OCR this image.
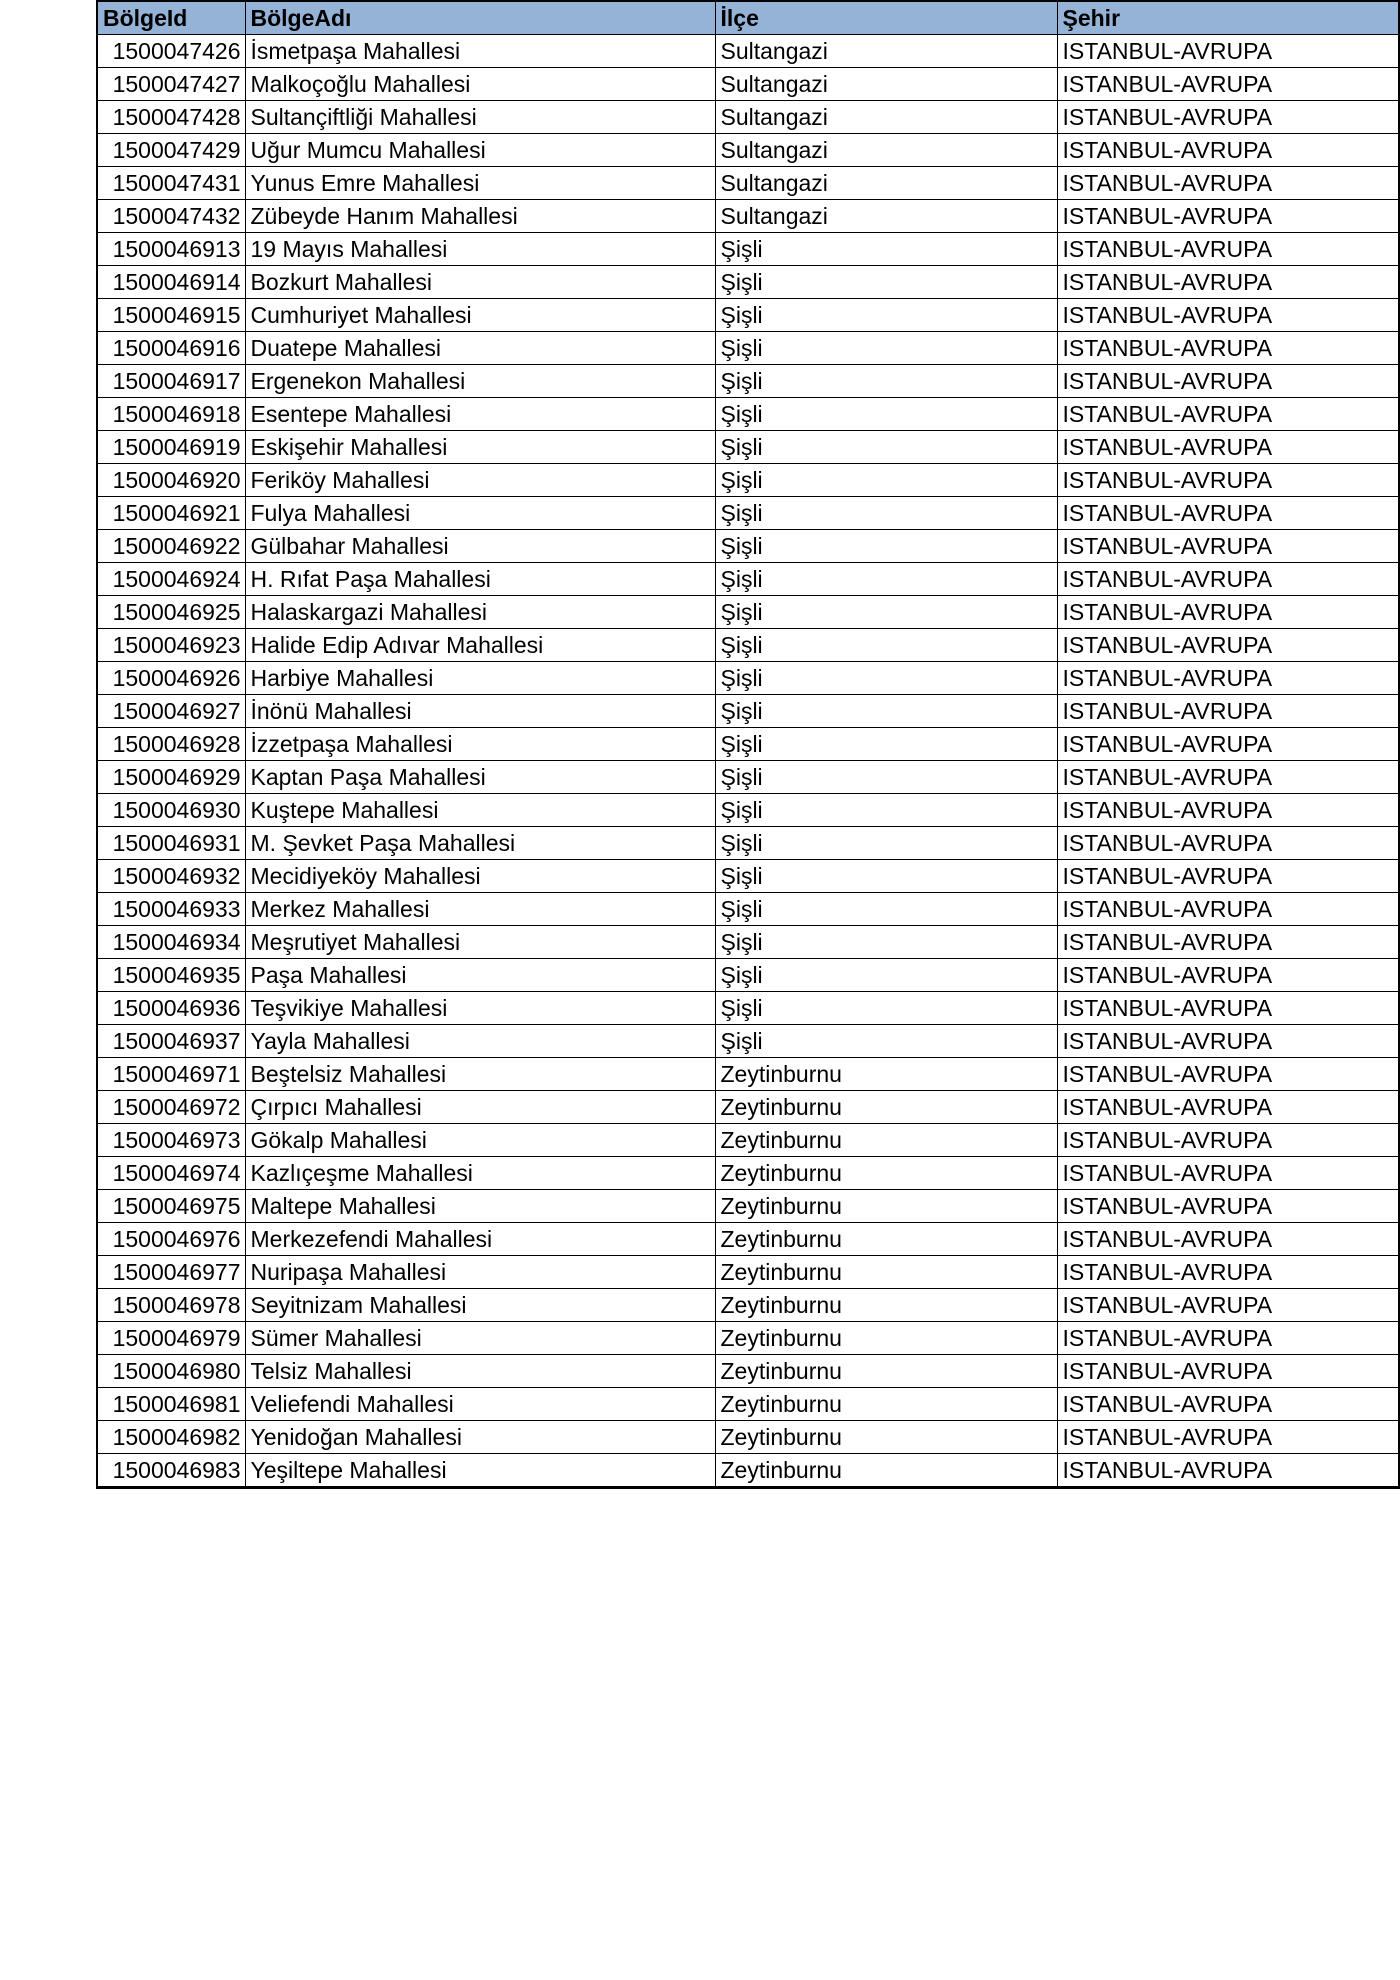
BölgeId	BölgeAdı	İlçe	Şehir
1500047426	İsmetpaşa Mahallesi	Sultangazi	ISTANBUL-AVRUPA
1500047427	Malkoçoğlu Mahallesi	Sultangazi	ISTANBUL-AVRUPA
1500047428	Sultançiftliği Mahallesi	Sultangazi	ISTANBUL-AVRUPA
1500047429	Uğur Mumcu Mahallesi	Sultangazi	ISTANBUL-AVRUPA
1500047431	Yunus Emre Mahallesi	Sultangazi	ISTANBUL-AVRUPA
1500047432	Zübeyde Hanım Mahallesi	Sultangazi	ISTANBUL-AVRUPA
1500046913	19 Mayıs Mahallesi	Şişli	ISTANBUL-AVRUPA
1500046914	Bozkurt Mahallesi	Şişli	ISTANBUL-AVRUPA
1500046915	Cumhuriyet Mahallesi	Şişli	ISTANBUL-AVRUPA
1500046916	Duatepe Mahallesi	Şişli	ISTANBUL-AVRUPA
1500046917	Ergenekon Mahallesi	Şişli	ISTANBUL-AVRUPA
1500046918	Esentepe Mahallesi	Şişli	ISTANBUL-AVRUPA
1500046919	Eskişehir Mahallesi	Şişli	ISTANBUL-AVRUPA
1500046920	Feriköy Mahallesi	Şişli	ISTANBUL-AVRUPA
1500046921	Fulya Mahallesi	Şişli	ISTANBUL-AVRUPA
1500046922	Gülbahar Mahallesi	Şişli	ISTANBUL-AVRUPA
1500046924	H. Rıfat Paşa Mahallesi	Şişli	ISTANBUL-AVRUPA
1500046925	Halaskargazi Mahallesi	Şişli	ISTANBUL-AVRUPA
1500046923	Halide Edip Adıvar Mahallesi	Şişli	ISTANBUL-AVRUPA
1500046926	Harbiye Mahallesi	Şişli	ISTANBUL-AVRUPA
1500046927	İnönü Mahallesi	Şişli	ISTANBUL-AVRUPA
1500046928	İzzetpaşa Mahallesi	Şişli	ISTANBUL-AVRUPA
1500046929	Kaptan Paşa Mahallesi	Şişli	ISTANBUL-AVRUPA
1500046930	Kuştepe Mahallesi	Şişli	ISTANBUL-AVRUPA
1500046931	M. Şevket Paşa Mahallesi	Şişli	ISTANBUL-AVRUPA
1500046932	Mecidiyeköy Mahallesi	Şişli	ISTANBUL-AVRUPA
1500046933	Merkez Mahallesi	Şişli	ISTANBUL-AVRUPA
1500046934	Meşrutiyet Mahallesi	Şişli	ISTANBUL-AVRUPA
1500046935	Paşa Mahallesi	Şişli	ISTANBUL-AVRUPA
1500046936	Teşvikiye Mahallesi	Şişli	ISTANBUL-AVRUPA
1500046937	Yayla Mahallesi	Şişli	ISTANBUL-AVRUPA
1500046971	Beştelsiz Mahallesi	Zeytinburnu	ISTANBUL-AVRUPA
1500046972	Çırpıcı Mahallesi	Zeytinburnu	ISTANBUL-AVRUPA
1500046973	Gökalp Mahallesi	Zeytinburnu	ISTANBUL-AVRUPA
1500046974	Kazlıçeşme Mahallesi	Zeytinburnu	ISTANBUL-AVRUPA
1500046975	Maltepe Mahallesi	Zeytinburnu	ISTANBUL-AVRUPA
1500046976	Merkezefendi Mahallesi	Zeytinburnu	ISTANBUL-AVRUPA
1500046977	Nuripaşa Mahallesi	Zeytinburnu	ISTANBUL-AVRUPA
1500046978	Seyitnizam Mahallesi	Zeytinburnu	ISTANBUL-AVRUPA
1500046979	Sümer Mahallesi	Zeytinburnu	ISTANBUL-AVRUPA
1500046980	Telsiz Mahallesi	Zeytinburnu	ISTANBUL-AVRUPA
1500046981	Veliefendi Mahallesi	Zeytinburnu	ISTANBUL-AVRUPA
1500046982	Yenidoğan Mahallesi	Zeytinburnu	ISTANBUL-AVRUPA
1500046983	Yeşiltepe Mahallesi	Zeytinburnu	ISTANBUL-AVRUPA
